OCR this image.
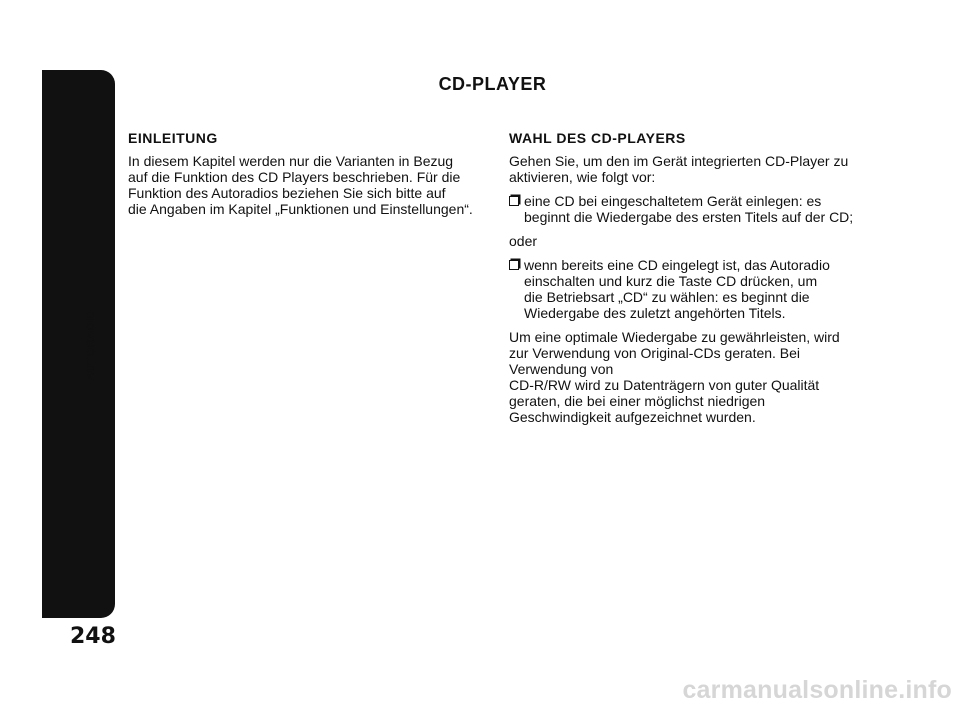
AUTORADIO
248
CD-PLAYER
EINLEITUNG

In diesem Kapitel werden nur die Varianten in Bezug
auf die Funktion des CD Players beschrieben. Für die
Funktion des Autoradios beziehen Sie sich bitte auf
die Angaben im Kapitel „Funktionen und Einstellungen“.

WAHL DES CD-PLAYERS

Gehen Sie, um den im Gerät integrierten CD-Player zu
aktivieren, wie folgt vor:

eine CD bei eingeschaltetem Gerät einlegen: es
beginnt die Wiedergabe des ersten Titels auf der CD;

oder

wenn bereits eine CD eingelegt ist, das Autoradio
einschalten und kurz die Taste CD drücken, um
die Betriebsart „CD“ zu wählen: es beginnt die
Wiedergabe des zuletzt angehörten Titels.

Um eine optimale Wiedergabe zu gewährleisten, wird
zur Verwendung von Original-CDs geraten. Bei
Verwendung von
CD-R/RW wird zu Datenträgern von guter Qualität
geraten, die bei einer möglichst niedrigen
Geschwindigkeit aufgezeichnet wurden.

carmanualsonline.info
